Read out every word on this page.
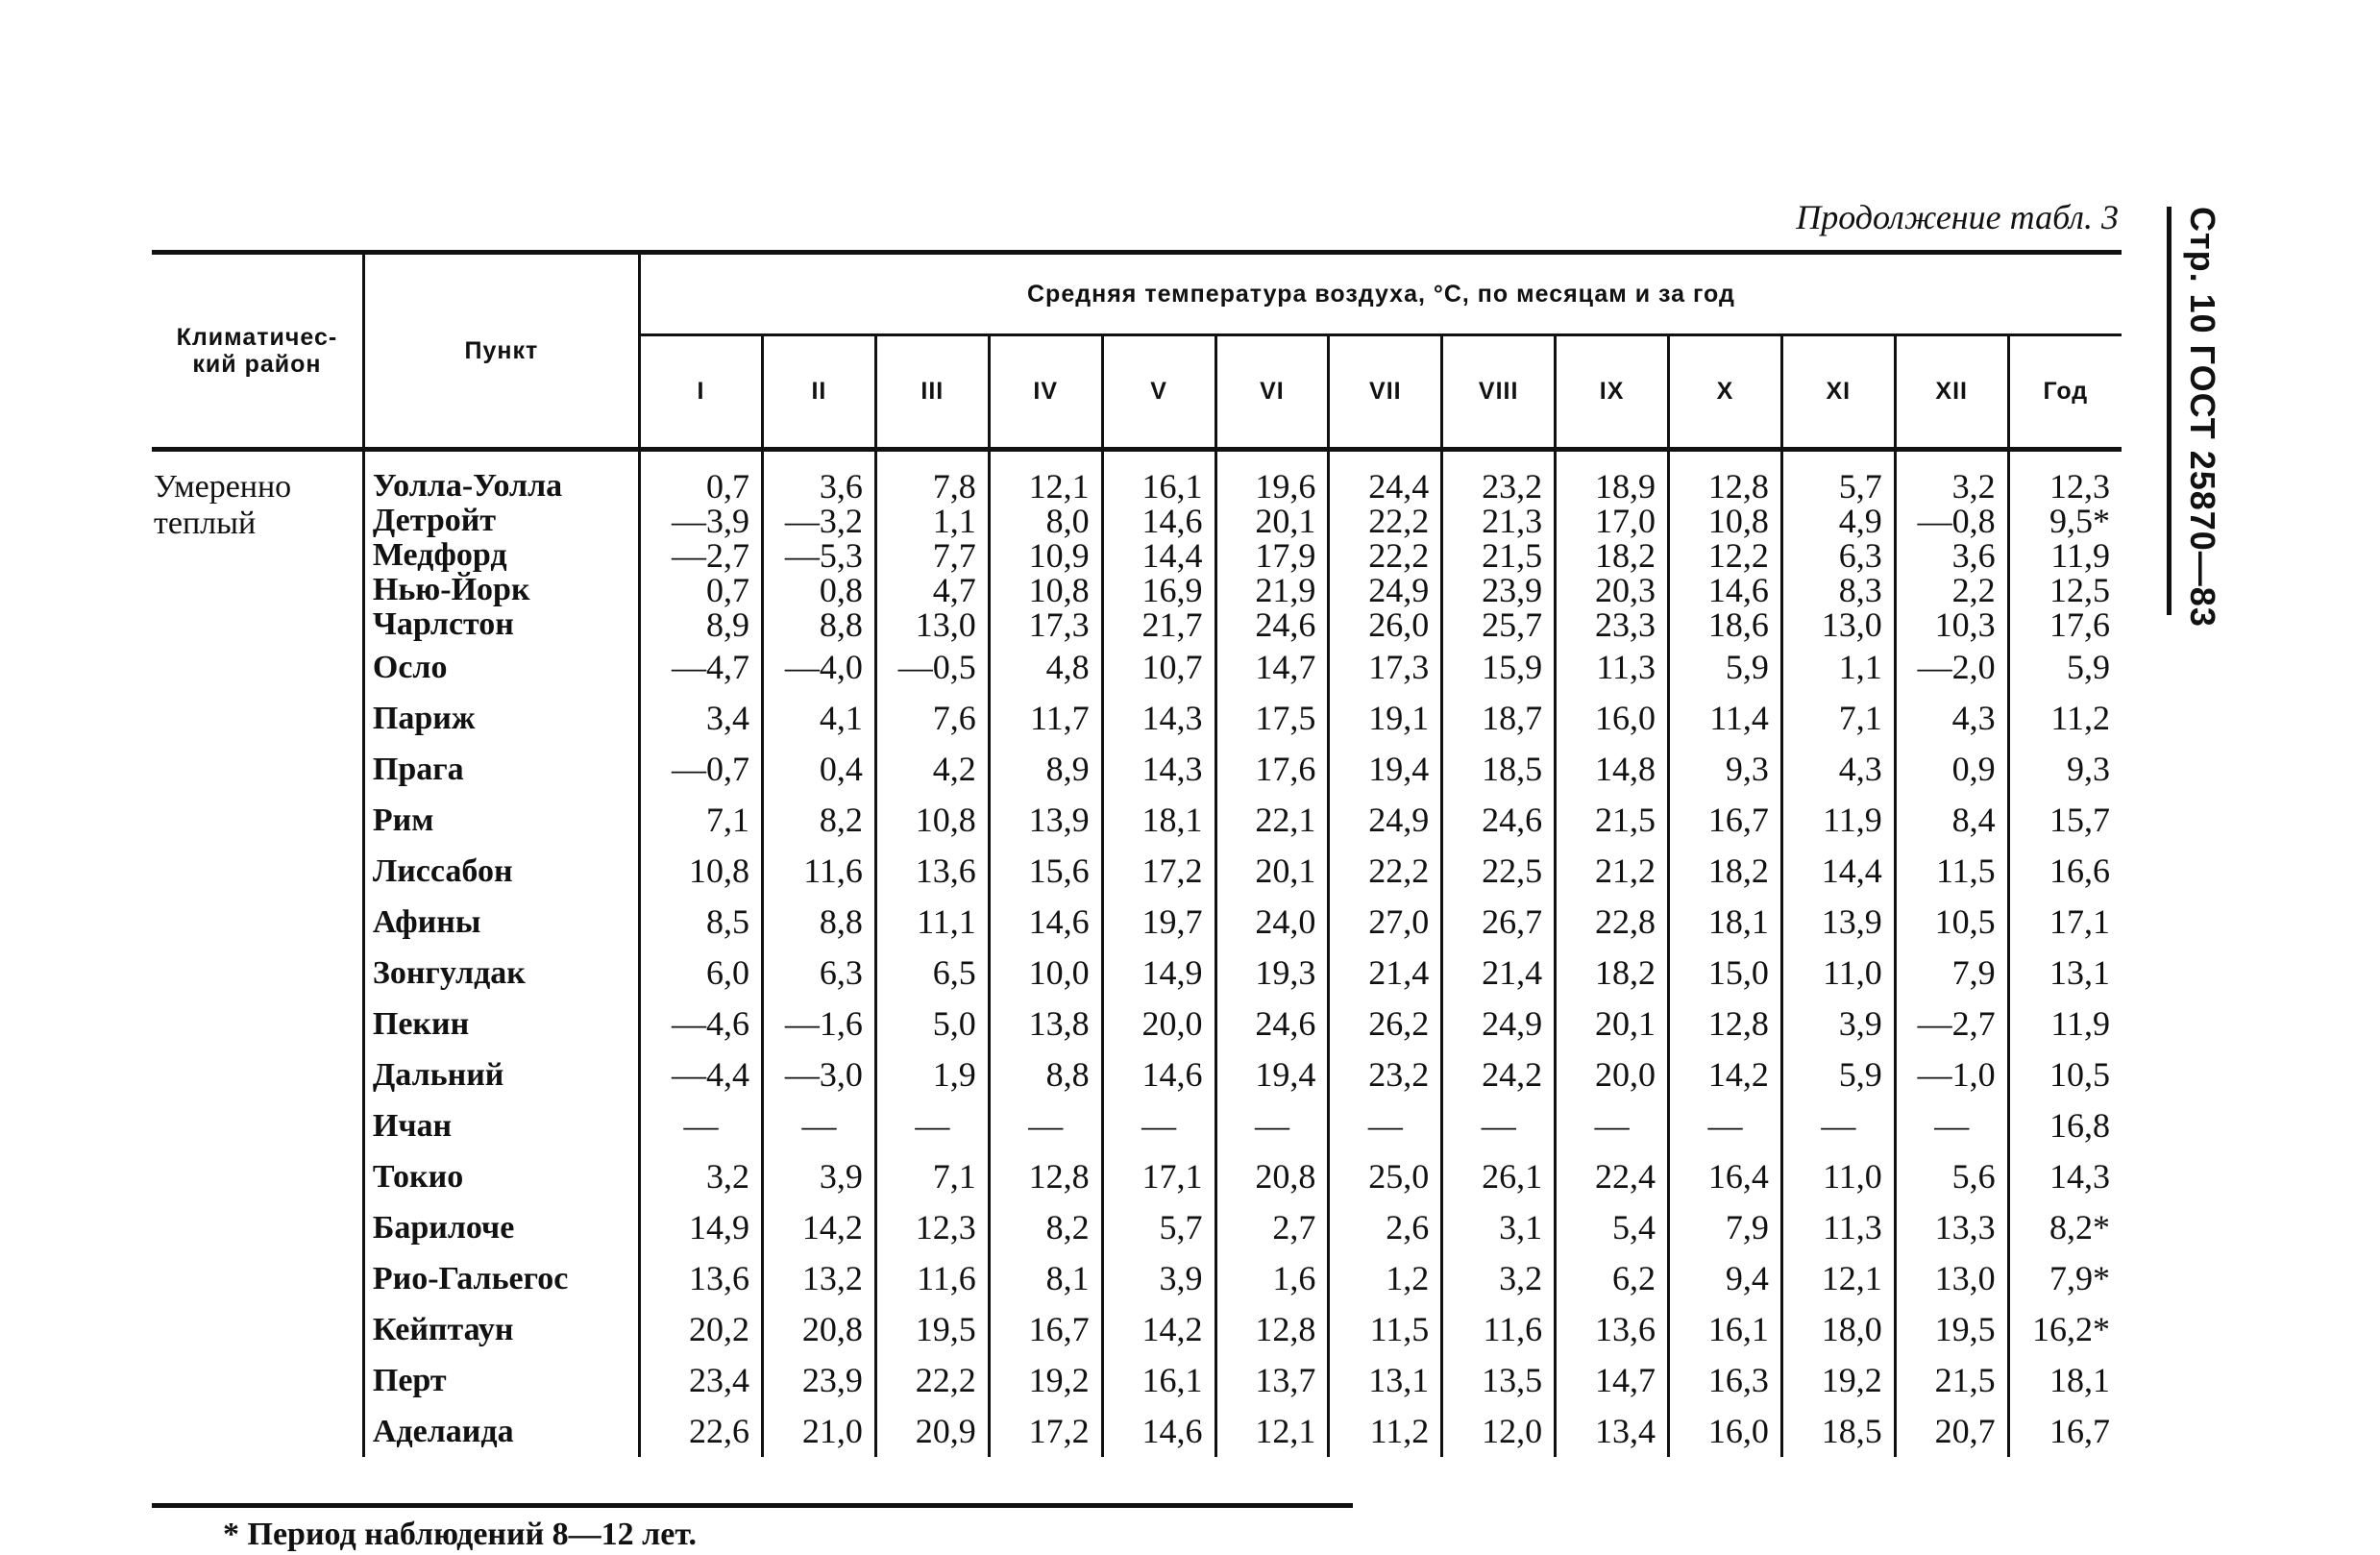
Продолжение табл. 3 Стр. 10 ГОСТ 25870—83
Климатичес-
кий район	Пункт	Средняя температура воздуха, °С, по месяцам и за год												
		I	II	III	IV	V	VI	VII	VIII	IX	X	XI	XII	Год

Умеренно
теплый	Уолла-Уолла	0,7	3,6	7,8	12,1	16,1	19,6	24,4	23,2	18,9	12,8	5,7	3,2	12,3
	Детройт	—3,9	—3,2	1,1	8,0	14,6	20,1	22,2	21,3	17,0	10,8	4,9	—0,8	9,5*
	Медфорд	—2,7	—5,3	7,7	10,9	14,4	17,9	22,2	21,5	18,2	12,2	6,3	3,6	11,9
	Нью-Йорк	0,7	0,8	4,7	10,8	16,9	21,9	24,9	23,9	20,3	14,6	8,3	2,2	12,5
	Чарлстон	8,9	8,8	13,0	17,3	21,7	24,6	26,0	25,7	23,3	18,6	13,0	10,3	17,6
	Осло	—4,7	—4,0	—0,5	4,8	10,7	14,7	17,3	15,9	11,3	5,9	1,1	—2,0	5,9
	Париж	3,4	4,1	7,6	11,7	14,3	17,5	19,1	18,7	16,0	11,4	7,1	4,3	11,2
	Прага	—0,7	0,4	4,2	8,9	14,3	17,6	19,4	18,5	14,8	9,3	4,3	0,9	9,3
	Рим	7,1	8,2	10,8	13,9	18,1	22,1	24,9	24,6	21,5	16,7	11,9	8,4	15,7
	Лиссабон	10,8	11,6	13,6	15,6	17,2	20,1	22,2	22,5	21,2	18,2	14,4	11,5	16,6
	Афины	8,5	8,8	11,1	14,6	19,7	24,0	27,0	26,7	22,8	18,1	13,9	10,5	17,1
	Зонгулдак	6,0	6,3	6,5	10,0	14,9	19,3	21,4	21,4	18,2	15,0	11,0	7,9	13,1
	Пекин	—4,6	—1,6	5,0	13,8	20,0	24,6	26,2	24,9	20,1	12,8	3,9	—2,7	11,9
	Дальний	—4,4	—3,0	1,9	8,8	14,6	19,4	23,2	24,2	20,0	14,2	5,9	—1,0	10,5
	Ичан	—	—	—	—	—	—	—	—	—	—	—	—	16,8
	Токио	3,2	3,9	7,1	12,8	17,1	20,8	25,0	26,1	22,4	16,4	11,0	5,6	14,3
	Барилоче	14,9	14,2	12,3	8,2	5,7	2,7	2,6	3,1	5,4	7,9	11,3	13,3	8,2*
	Рио-Гальегос	13,6	13,2	11,6	8,1	3,9	1,6	1,2	3,2	6,2	9,4	12,1	13,0	7,9*
	Кейптаун	20,2	20,8	19,5	16,7	14,2	12,8	11,5	11,6	13,6	16,1	18,0	19,5	16,2*
	Перт	23,4	23,9	22,2	19,2	16,1	13,7	13,1	13,5	14,7	16,3	19,2	21,5	18,1
	Аделаида	22,6	21,0	20,9	17,2	14,6	12,1	11,2	12,0	13,4	16,0	18,5	20,7	16,7
* Период наблюдений 8—12 лет.
